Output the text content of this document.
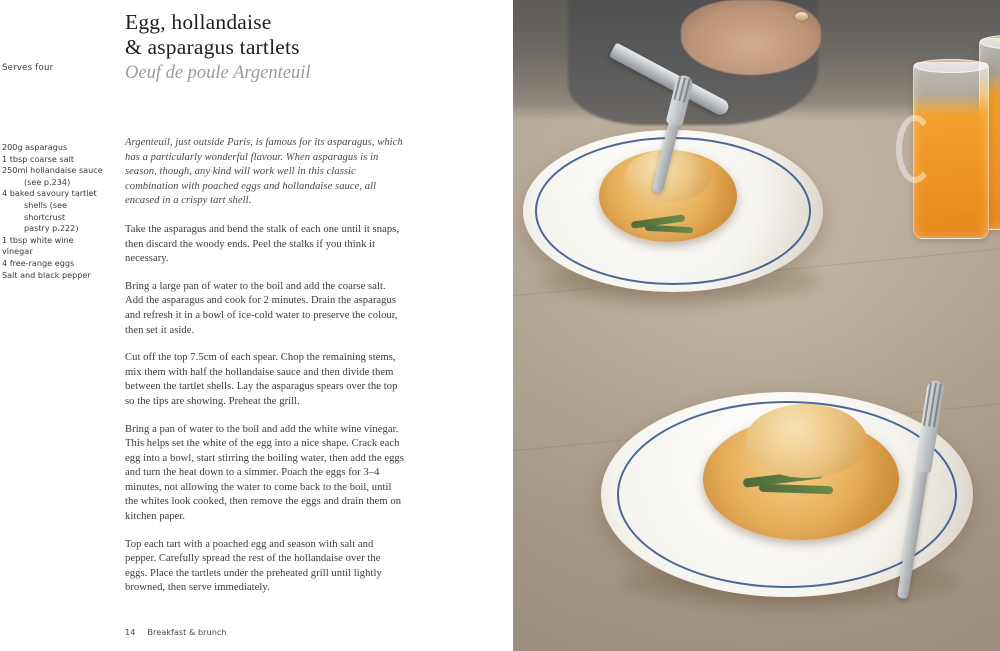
Serves four
200g asparagus
1 tbsp coarse salt
250ml hollandaise sauce
(see p.234)
4 baked savoury tartlet
shells (see shortcrust
pastry p.222)
1 tbsp white wine vinegar
4 free-range eggs
Salt and black pepper
Egg, hollandaise
& asparagus tartlets
Oeuf de poule Argenteuil

Argenteuil, just outside Paris, is famous for its asparagus, which has a particularly wonderful flavour. When asparagus is in season, though, any kind will work well in this classic combination with poached eggs and hollandaise sauce, all encased in a crispy tart shell.

Take the asparagus and bend the stalk of each one until it snaps, then discard the woody ends. Peel the stalks if you think it necessary.

Bring a large pan of water to the boil and add the coarse salt. Add the asparagus and cook for 2 minutes. Drain the asparagus and refresh it in a bowl of ice-cold water to preserve the colour, then set it aside.

Cut off the top 7.5cm of each spear. Chop the remaining stems, mix them with half the hollandaise sauce and then divide them between the tartlet shells. Lay the asparagus spears over the top so the tips are showing. Preheat the grill.

Bring a pan of water to the boil and add the white wine vinegar. This helps set the white of the egg into a nice shape. Crack each egg into a bowl, start stirring the boiling water, then add the eggs and turn the heat down to a simmer. Poach the eggs for 3–4 minutes, not allowing the water to come back to the boil, until the whites look cooked, then remove the eggs and drain them on kitchen paper.

Top each tart with a poached egg and season with salt and pepper. Carefully spread the rest of the hollandaise over the eggs. Place the tartlets under the preheated grill until lightly browned, then serve immediately.

14 Breakfast & brunch
